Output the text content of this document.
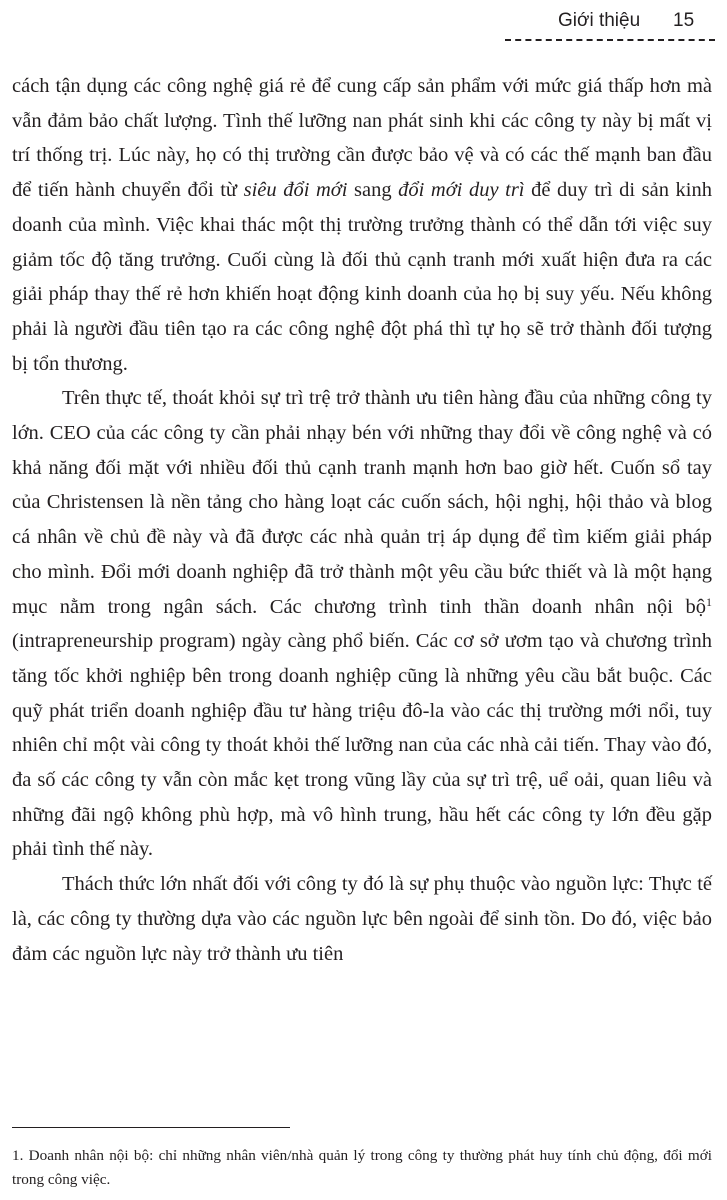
Giới thiệu 15

cách tận dụng các công nghệ giá rẻ để cung cấp sản phẩm với mức giá thấp hơn mà vẫn đảm bảo chất lượng. Tình thế lưỡng nan phát sinh khi các công ty này bị mất vị trí thống trị. Lúc này, họ có thị trường cần được bảo vệ và có các thế mạnh ban đầu để tiến hành chuyển đổi từ siêu đổi mới sang đổi mới duy trì để duy trì di sản kinh doanh của mình. Việc khai thác một thị trường trưởng thành có thể dẫn tới việc suy giảm tốc độ tăng trưởng. Cuối cùng là đối thủ cạnh tranh mới xuất hiện đưa ra các giải pháp thay thế rẻ hơn khiến hoạt động kinh doanh của họ bị suy yếu. Nếu không phải là người đầu tiên tạo ra các công nghệ đột phá thì tự họ sẽ trở thành đối tượng bị tổn thương.

Trên thực tế, thoát khỏi sự trì trệ trở thành ưu tiên hàng đầu của những công ty lớn. CEO của các công ty cần phải nhạy bén với những thay đổi về công nghệ và có khả năng đối mặt với nhiều đối thủ cạnh tranh mạnh hơn bao giờ hết. Cuốn sổ tay của Christensen là nền tảng cho hàng loạt các cuốn sách, hội nghị, hội thảo và blog cá nhân về chủ đề này và đã được các nhà quản trị áp dụng để tìm kiếm giải pháp cho mình. Đổi mới doanh nghiệp đã trở thành một yêu cầu bức thiết và là một hạng mục nằm trong ngân sách. Các chương trình tinh thần doanh nhân nội bộ$^1$ (intrapreneurship program) ngày càng phổ biến. Các cơ sở ươm tạo và chương trình tăng tốc khởi nghiệp bên trong doanh nghiệp cũng là những yêu cầu bắt buộc. Các quỹ phát triển doanh nghiệp đầu tư hàng triệu đô-la vào các thị trường mới nổi, tuy nhiên chỉ một vài công ty thoát khỏi thế lưỡng nan của các nhà cải tiến. Thay vào đó, đa số các công ty vẫn còn mắc kẹt trong vũng lầy của sự trì trệ, uể oải, quan liêu và những đãi ngộ không phù hợp, mà vô hình trung, hầu hết các công ty lớn đều gặp phải tình thế này.

Thách thức lớn nhất đối với công ty đó là sự phụ thuộc vào nguồn lực: Thực tế là, các công ty thường dựa vào các nguồn lực bên ngoài để sinh tồn. Do đó, việc bảo đảm các nguồn lực này trở thành ưu tiên

1. Doanh nhân nội bộ: chỉ những nhân viên/nhà quản lý trong công ty thường phát huy tính chủ động, đổi mới trong công việc.
